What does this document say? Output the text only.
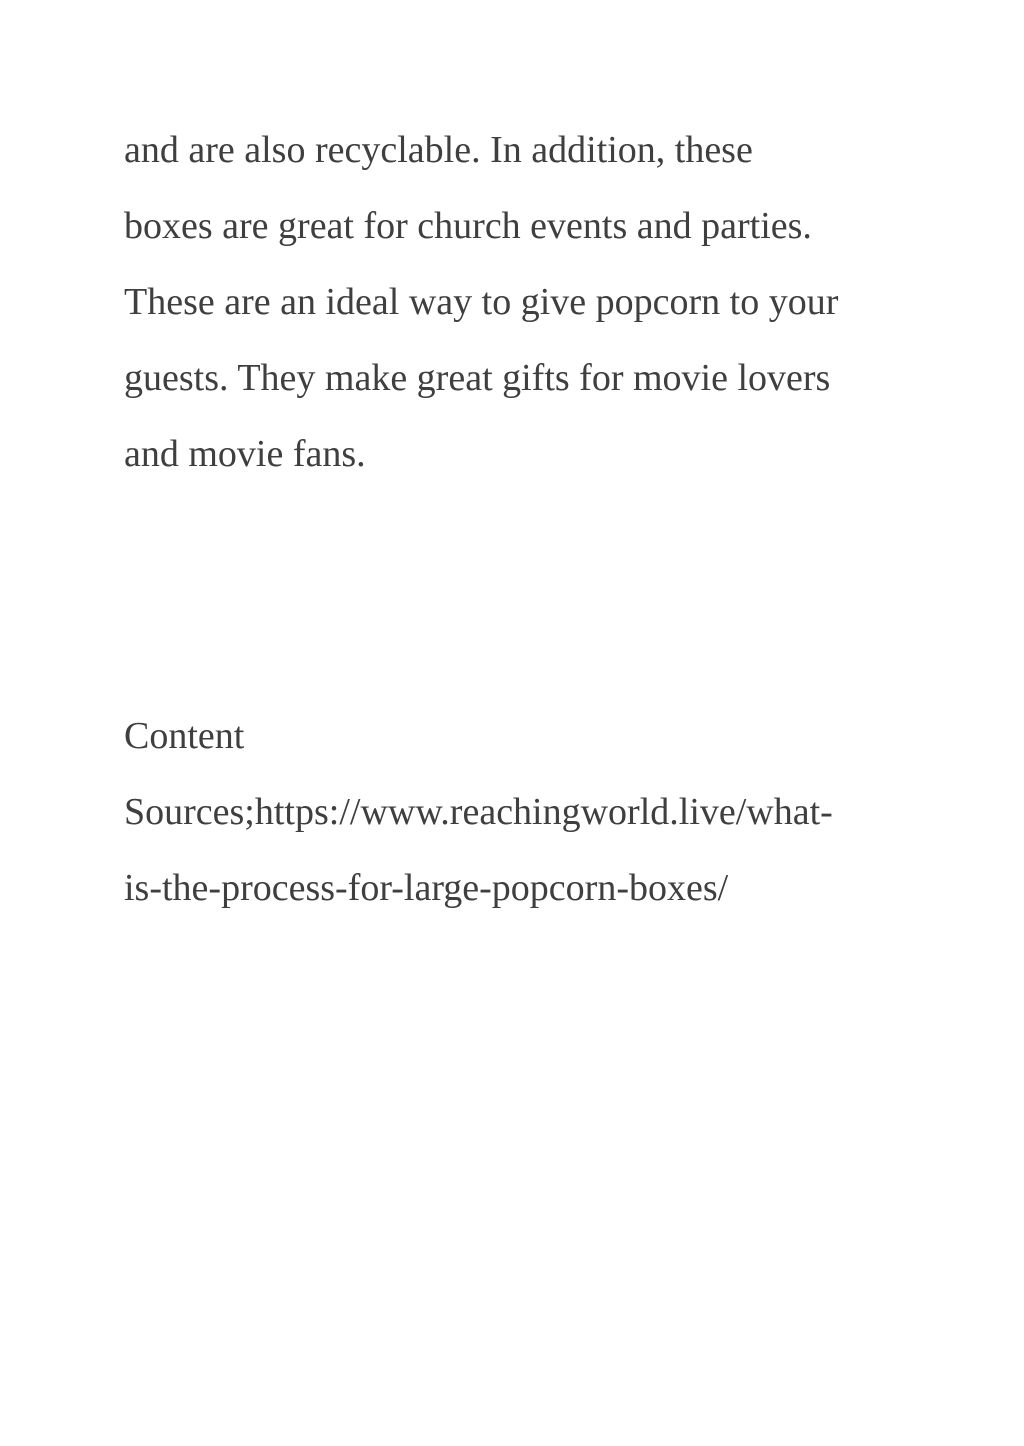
and are also recyclable. In addition, these
boxes are great for church events and parties.
These are an ideal way to give popcorn to your
guests. They make great gifts for movie lovers
and movie fans.

Content
Sources;https://www.reachingworld.live/what-
is-the-process-for-large-popcorn-boxes/
